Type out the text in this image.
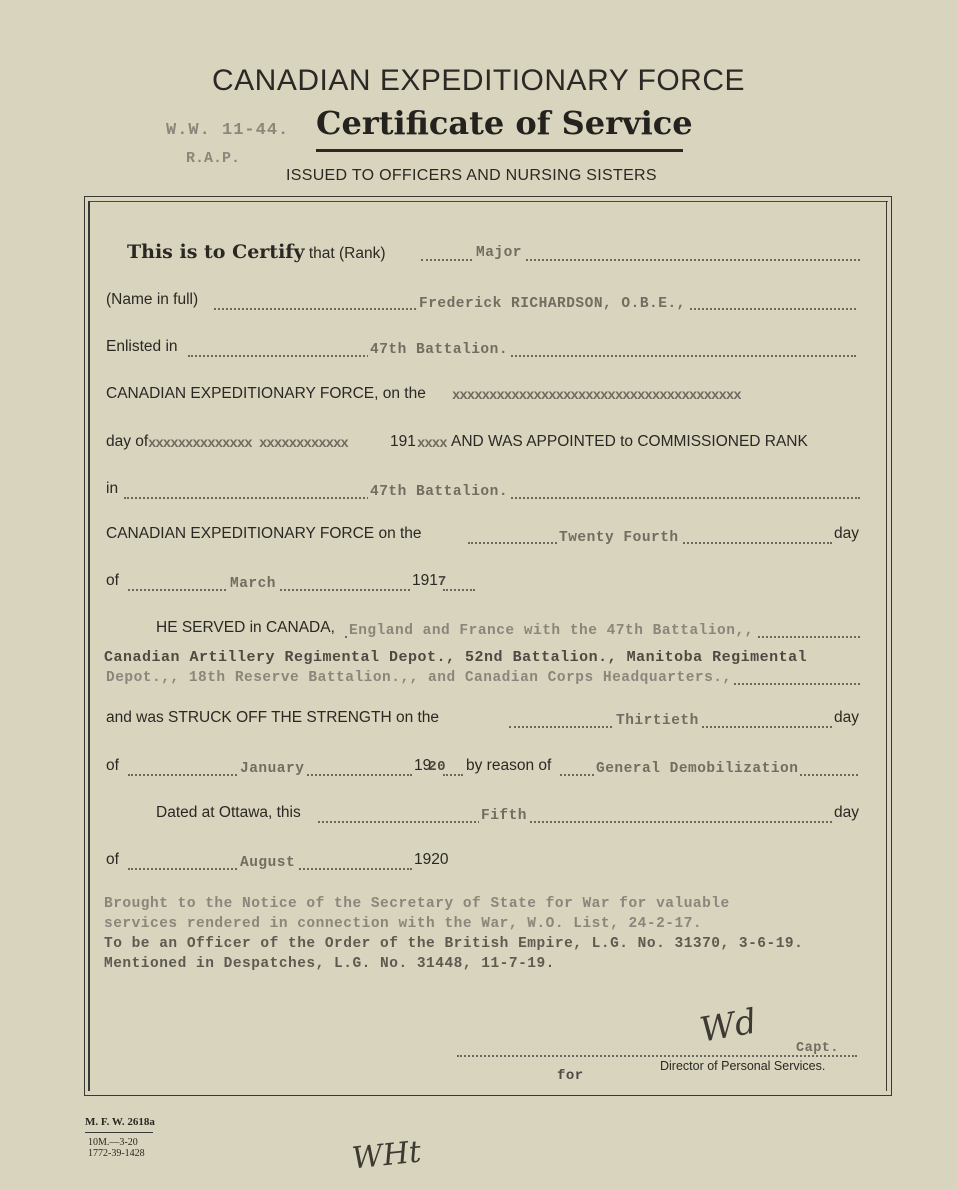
CANADIAN EXPEDITIONARY FORCE
W.W. 11-44.
R.A.P.
Certificate of Service
ISSUED TO OFFICERS AND NURSING SISTERS
This is to Certify that (Rank)	Major
(Name in full)	Frederick RICHARDSON, O.B.E.,
Enlisted in	47th Battalion.
CANADIAN EXPEDITIONARY FORCE, on the xxxxxxxxxxxxxxxxxxxxxxxxxxxxxxxxxxxxxxx
day of xxxxxxxxxxxxxx xxxxxxxxxxxx	191 xxxx AND WAS APPOINTED to COMMISSIONED RANK
in	47th Battalion.
CANADIAN EXPEDITIONARY FORCE on the	Twenty Fourth	day
of	March	1917
HE SERVED in CANADA, England and France with the 47th Battalion,,
Canadian Artillery Regimental Depot., 52nd Battalion., Manitoba Regimental
Depot.,, 18th Reserve Battalion.,, and Canadian Corps Headquarters.,
and was STRUCK OFF THE STRENGTH on the	Thirtieth	day
of	January	1920 by reason of	General Demobilization
Dated at Ottawa, this	Fifth	day
of	August	1920
Brought to the Notice of the Secretary of State for War for valuable
services rendered in connection with the War, W.O. List, 24-2-17.
To be an Officer of the Order of the British Empire, L.G. No. 31370, 3-6-19.
Mentioned in Despatches, L.G. No. 31448, 11-7-19.
Wd	Capt.
for
Director of Personal Services.
M. F. W. 2618a
10M.—3-20
1772-39-1428	WHt
